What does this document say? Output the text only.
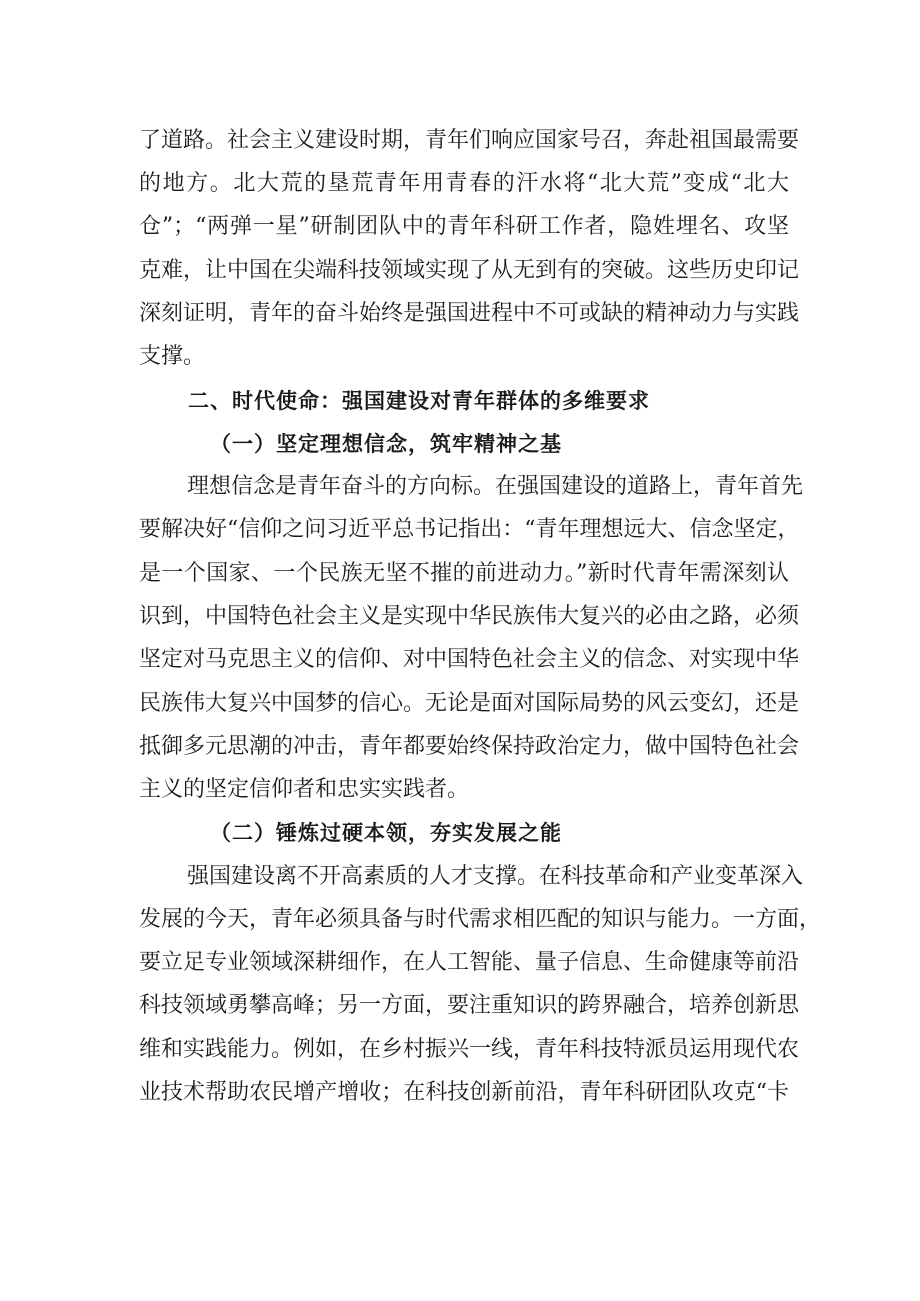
了道路。社会主义建设时期，青年们响应国家号召，奔赴祖国最需要
的地方。北大荒的垦荒青年用青春的汗水将“北大荒”变成“北大
仓”；“两弹一星”研制团队中的青年科研工作者，隐姓埋名、攻坚
克难，让中国在尖端科技领域实现了从无到有的突破。这些历史印记
深刻证明，青年的奋斗始终是强国进程中不可或缺的精神动力与实践
支撑。
二、时代使命：强国建设对青年群体的多维要求
（一）坚定理想信念，筑牢精神之基
理想信念是青年奋斗的方向标。在强国建设的道路上，青年首先
要解决好“信仰之问习近平总书记指出：“青年理想远大、信念坚定，
是一个国家、一个民族无坚不摧的前进动力。”新时代青年需深刻认
识到，中国特色社会主义是实现中华民族伟大复兴的必由之路，必须
坚定对马克思主义的信仰、对中国特色社会主义的信念、对实现中华
民族伟大复兴中国梦的信心。无论是面对国际局势的风云变幻，还是
抵御多元思潮的冲击，青年都要始终保持政治定力，做中国特色社会
主义的坚定信仰者和忠实实践者。
（二）锤炼过硬本领，夯实发展之能
强国建设离不开高素质的人才支撑。在科技革命和产业变革深入
发展的今天，青年必须具备与时代需求相匹配的知识与能力。一方面，
要立足专业领域深耕细作，在人工智能、量子信息、生命健康等前沿
科技领域勇攀高峰；另一方面，要注重知识的跨界融合，培养创新思
维和实践能力。例如，在乡村振兴一线，青年科技特派员运用现代农
业技术帮助农民增产增收；在科技创新前沿，青年科研团队攻克“卡
